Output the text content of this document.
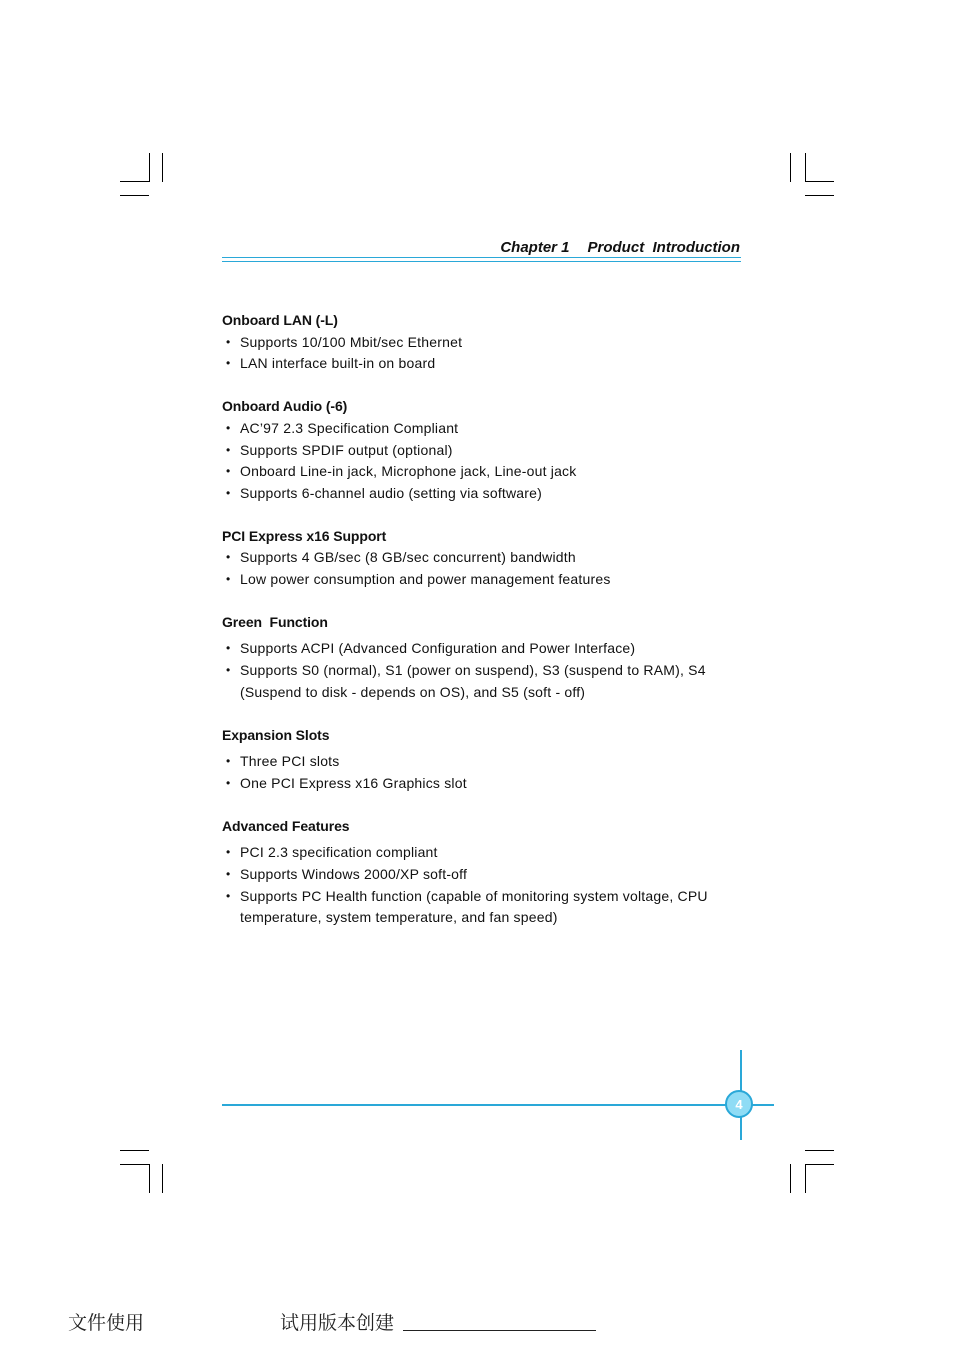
Chapter 1 Product  Introduction
Onboard LAN (-L)
• Supports 10/100 Mbit/sec Ethernet
• LAN interface built-in on board
Onboard Audio (-6)
• AC’97 2.3 Specification Compliant
• Supports SPDIF output (optional)
• Onboard Line-in jack, Microphone jack, Line-out jack
• Supports 6-channel audio (setting via software)
PCI Express x16 Support
• Supports 4 GB/sec (8 GB/sec concurrent) bandwidth
• Low power consumption and power management features
Green  Function
• Supports ACPI (Advanced Configuration and Power Interface)
• Supports S0 (normal), S1 (power on suspend), S3 (suspend to RAM), S4 (Suspend to disk - depends on OS), and S5 (soft - off)
Expansion Slots
• Three PCI slots
• One PCI Express x16 Graphics slot
Advanced Features
• PCI 2.3 specification compliant
• Supports Windows 2000/XP soft-off
• Supports PC Health function (capable of monitoring system voltage, CPU temperature, system temperature, and fan speed)
4
文件使用	试用版本创建
